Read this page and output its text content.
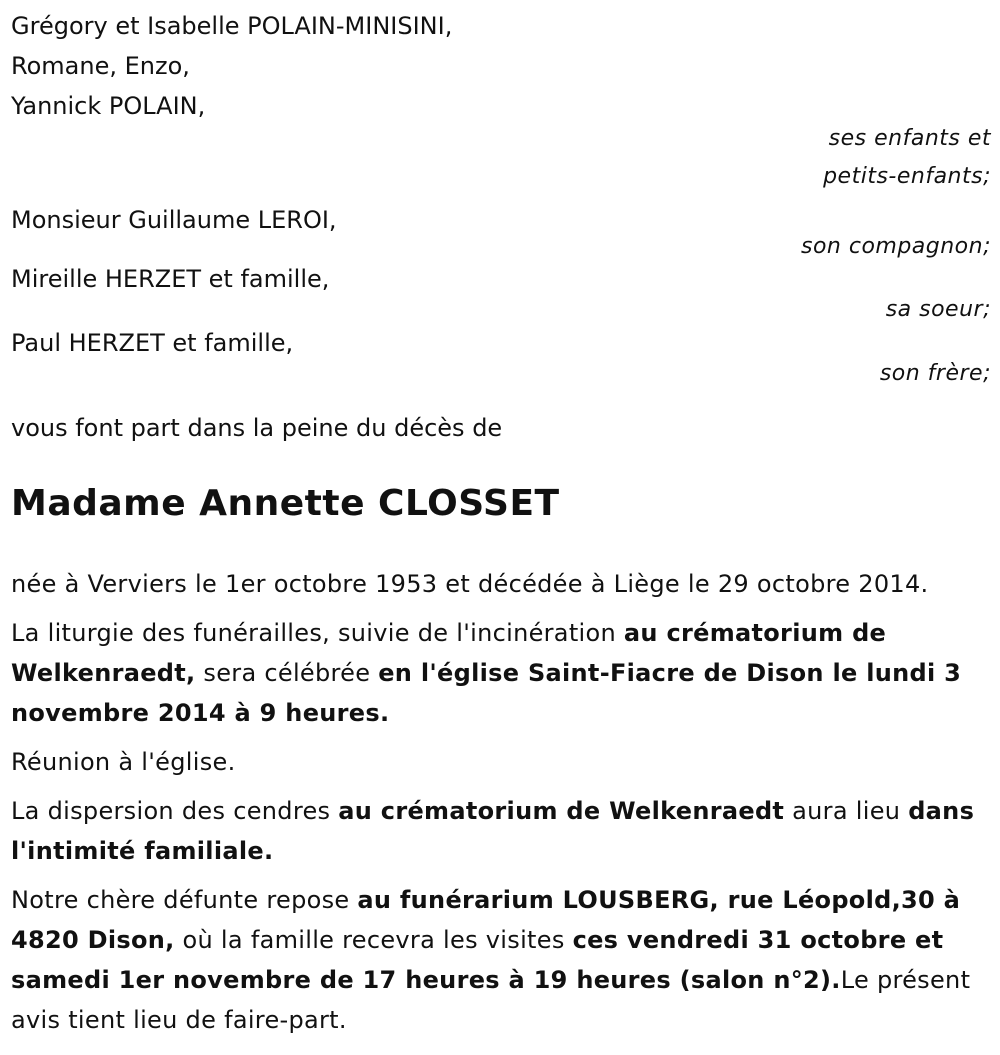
Grégory et Isabelle POLAIN-MINISINI,

Romane, Enzo,

Yannick POLAIN,

ses enfants et

petits-enfants;

Monsieur Guillaume LEROI,

son compagnon;

Mireille HERZET et famille,

sa soeur;

Paul HERZET et famille,

son frère;

vous font part dans la peine du décès de

Madame Annette CLOSSET

née à Verviers le 1er octobre 1953 et décédée à Liège le 29 octobre 2014.

La liturgie des funérailles, suivie de l'incinération au crématorium de Welkenraedt, sera célébrée en l'église Saint-Fiacre de Dison le lundi 3 novembre 2014 à 9 heures.

Réunion à l'église.

La dispersion des cendres au crématorium de Welkenraedt aura lieu dans l'intimité familiale.

Notre chère défunte repose au funérarium LOUSBERG, rue Léopold,30 à 4820 Dison, où la famille recevra les visites ces vendredi 31 octobre et samedi 1er novembre de 17 heures à 19 heures (salon n°2).Le présent avis tient lieu de faire-part.
